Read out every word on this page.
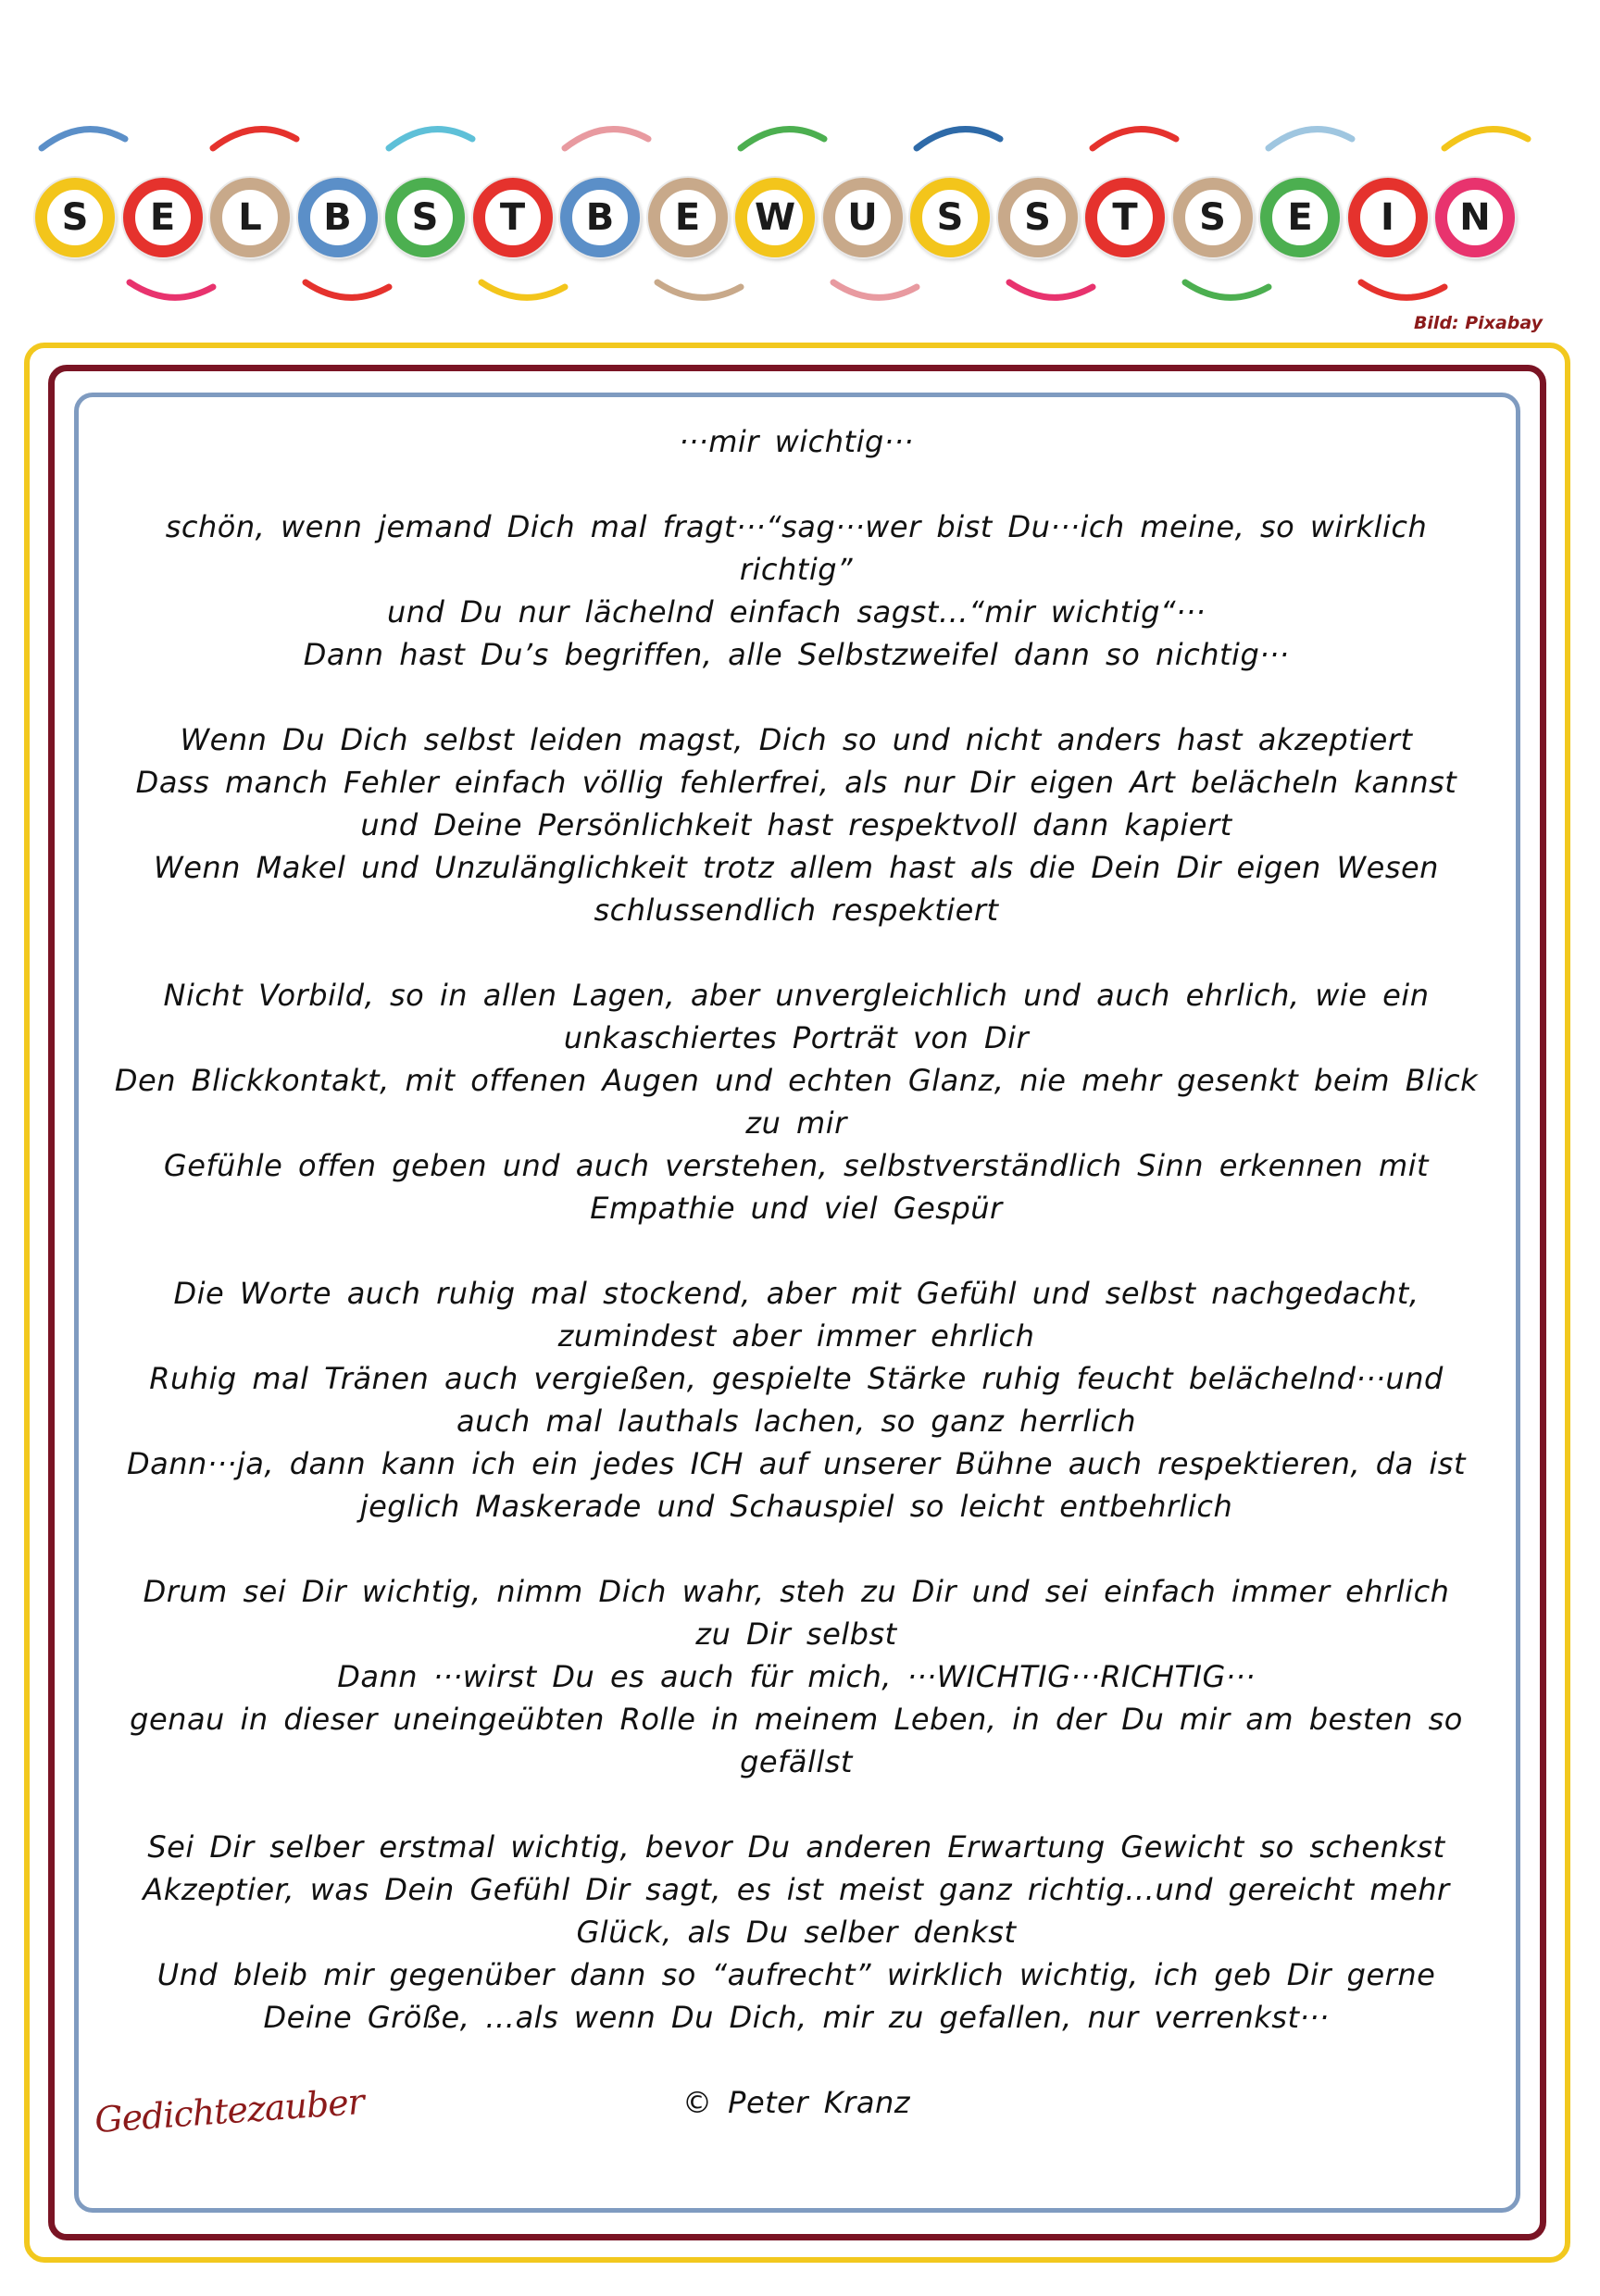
S E L B S T B E W U S S T S E I N
Bild: Pixabay
···mir wichtig···
schön, wenn jemand Dich mal fragt···“sag···wer bist Du···ich meine, so wirklich
richtig”
und Du nur lächelnd einfach sagst…“mir wichtig“···
Dann hast Du’s begriffen, alle Selbstzweifel dann so nichtig···
Wenn Du Dich selbst leiden magst, Dich so und nicht anders hast akzeptiert
Dass manch Fehler einfach völlig fehlerfrei, als nur Dir eigen Art belächeln kannst
und Deine Persönlichkeit hast respektvoll dann kapiert
Wenn Makel und Unzulänglichkeit trotz allem hast als die Dein Dir eigen Wesen
schlussendlich respektiert
Nicht Vorbild, so in allen Lagen, aber unvergleichlich und auch ehrlich, wie ein
unkaschiertes Porträt von Dir
Den Blickkontakt, mit offenen Augen und echten Glanz, nie mehr gesenkt beim Blick
zu mir
Gefühle offen geben und auch verstehen, selbstverständlich Sinn erkennen mit
Empathie und viel Gespür
Die Worte auch ruhig mal stockend, aber mit Gefühl und selbst nachgedacht,
zumindest aber immer ehrlich
Ruhig mal Tränen auch vergießen, gespielte Stärke ruhig feucht belächelnd···und
auch mal lauthals lachen, so ganz herrlich
Dann···ja, dann kann ich ein jedes ICH auf unserer Bühne auch respektieren, da ist
jeglich Maskerade und Schauspiel so leicht entbehrlich
Drum sei Dir wichtig, nimm Dich wahr, steh zu Dir und sei einfach immer ehrlich
zu Dir selbst
Dann ···wirst Du es auch für mich, ···WICHTIG···RICHTIG···
genau in dieser uneingeübten Rolle in meinem Leben, in der Du mir am besten so
gefällst
Sei Dir selber erstmal wichtig, bevor Du anderen Erwartung Gewicht so schenkst
Akzeptier, was Dein Gefühl Dir sagt, es ist meist ganz richtig…und gereicht mehr
Glück, als Du selber denkst
Und bleib mir gegenüber dann so “aufrecht” wirklich wichtig, ich geb Dir gerne
Deine Größe, …als wenn Du Dich, mir zu gefallen, nur verrenkst···
© Peter Kranz
Gedichtezauber
